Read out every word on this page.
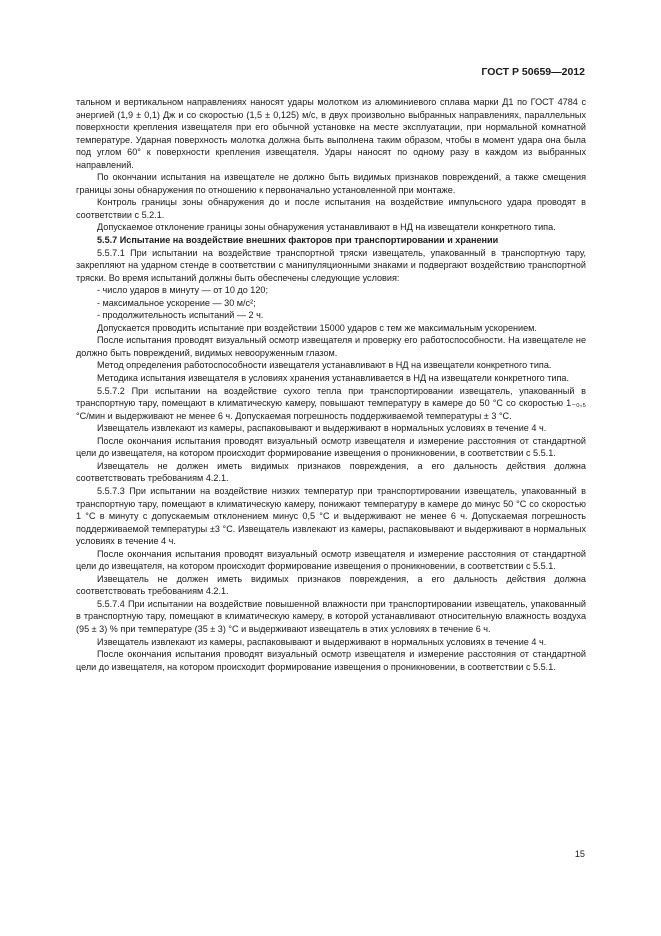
ГОСТ Р 50659—2012

тальном и вертикальном направлениях наносят удары молотком из алюминиевого сплава марки Д1 по ГОСТ 4784 с энергией (1,9 ± 0,1) Дж и со скоростью (1,5 ± 0,125) м/с, в двух произвольно выбранных направлениях, параллельных поверхности крепления извещателя при его обычной установке на месте эксплуатации, при нормальной комнатной температуре. Ударная поверхность молотка должна быть выполнена таким образом, чтобы в момент удара она была под углом 60° к поверхности крепления извещателя. Удары наносят по одному разу в каждом из выбранных направлений.

По окончании испытания на извещателе не должно быть видимых признаков повреждений, а также смещения границы зоны обнаружения по отношению к первоначально установленной при монтаже.

Контроль границы зоны обнаружения до и после испытания на воздействие импульсного удара проводят в соответствии с 5.2.1.

Допускаемое отклонение границы зоны обнаружения устанавливают в НД на извещатели конкретного типа.

5.5.7 Испытание на воздействие внешних факторов при транспортировании и хранении

5.5.7.1 При испытании на воздействие транспортной тряски извещатель, упакованный в транспортную тару, закрепляют на ударном стенде в соответствии с манипуляционными знаками и подвергают воздействию транспортной тряски. Во время испытаний должны быть обеспечены следующие условия:

- число ударов в минуту — от 10 до 120;

- максимальное ускорение — 30 м/с²;

- продолжительность испытаний — 2 ч.

Допускается проводить испытание при воздействии 15000 ударов с тем же максимальным ускорением.

После испытания проводят визуальный осмотр извещателя и проверку его работоспособности. На извещателе не должно быть повреждений, видимых невооруженным глазом.

Метод определения работоспособности извещателя устанавливают в НД на извещатели конкретного типа.

Методика испытания извещателя в условиях хранения устанавливается в НД на извещатели конкретного типа.

5.5.7.2 При испытании на воздействие сухого тепла при транспортировании извещатель, упакованный в транспортную тару, помещают в климатическую камеру, повышают температуру в камере до 50 °С со скоростью 1₋₀,₅ °С/мин и выдерживают не менее 6 ч. Допускаемая погрешность поддерживаемой температуры ± 3 °С.

Извещатель извлекают из камеры, распаковывают и выдерживают в нормальных условиях в течение 4 ч.

После окончания испытания проводят визуальный осмотр извещателя и измерение расстояния от стандартной цели до извещателя, на котором происходит формирование извещения о проникновении, в соответствии с 5.5.1.

Извещатель не должен иметь видимых признаков повреждения, а его дальность действия должна соответствовать требованиям 4.2.1.

5.5.7.3 При испытании на воздействие низких температур при транспортировании извещатель, упакованный в транспортную тару, помещают в климатическую камеру, понижают температуру в камере до минус 50 °С со скоростью 1 °С в минуту с допускаемым отклонением минус 0,5 °С и выдерживают не менее 6 ч. Допускаемая погрешность поддерживаемой температуры ±3 °С. Извещатель извлекают из камеры, распаковывают и выдерживают в нормальных условиях в течение 4 ч.

После окончания испытания проводят визуальный осмотр извещателя и измерение расстояния от стандартной цели до извещателя, на котором происходит формирование извещения о проникновении, в соответствии с 5.5.1.

Извещатель не должен иметь видимых признаков повреждения, а его дальность действия должна соответствовать требованиям 4.2.1.

5.5.7.4 При испытании на воздействие повышенной влажности при транспортировании извещатель, упакованный в транспортную тару, помещают в климатическую камеру, в которой устанавливают относительную влажность воздуха (95 ± 3) % при температуре (35 ± 3) °С и выдерживают извещатель в этих условиях в течение 6 ч.

Извещатель извлекают из камеры, распаковывают и выдерживают в нормальных условиях в течение 4 ч.

После окончания испытания проводят визуальный осмотр извещателя и измерение расстояния от стандартной цели до извещателя, на котором происходит формирование извещения о проникновении, в соответствии с 5.5.1.

15
